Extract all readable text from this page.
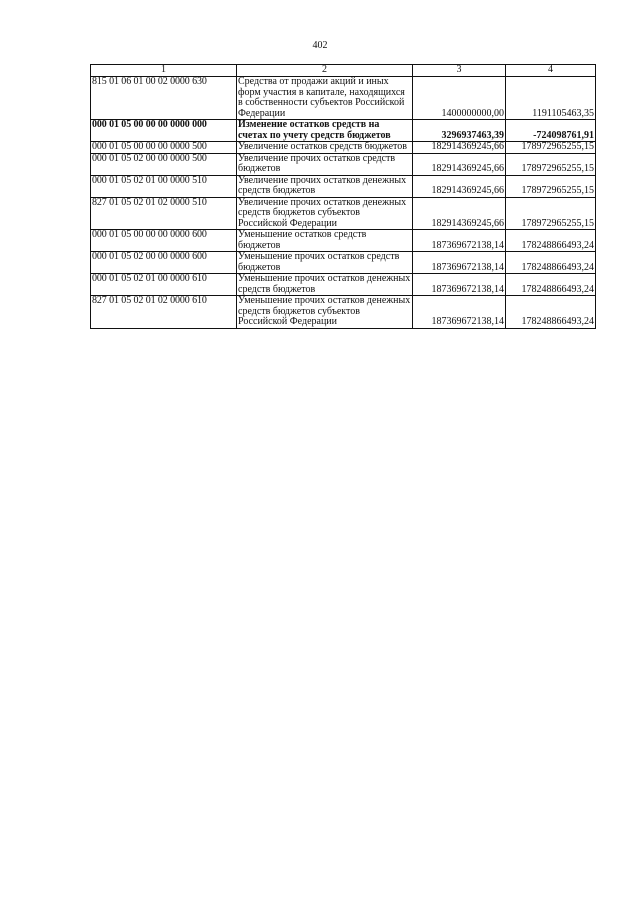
402
1	2	3	4
815 01 06 01 00 02 0000 630	Средства от продажи акций и иных форм участия в капитале, находящихся в собственности субъектов Российской Федерации	1400000000,00	1191105463,35
000 01 05 00 00 00 0000 000	Изменение остатков средств на счетах по учету средств бюджетов	3296937463,39	-724098761,91
000 01 05 00 00 00 0000 500	Увеличение остатков средств бюджетов	182914369245,66	178972965255,15
000 01 05 02 00 00 0000 500	Увеличение прочих остатков средств бюджетов	182914369245,66	178972965255,15
000 01 05 02 01 00 0000 510	Увеличение прочих остатков денежных средств бюджетов	182914369245,66	178972965255,15
827 01 05 02 01 02 0000 510	Увеличение прочих остатков денежных средств бюджетов субъектов Российской Федерации	182914369245,66	178972965255,15
000 01 05 00 00 00 0000 600	Уменьшение остатков средств бюджетов	187369672138,14	178248866493,24
000 01 05 02 00 00 0000 600	Уменьшение прочих остатков средств бюджетов	187369672138,14	178248866493,24
000 01 05 02 01 00 0000 610	Уменьшение прочих остатков денежных средств бюджетов	187369672138,14	178248866493,24
827 01 05 02 01 02 0000 610	Уменьшение прочих остатков денежных средств бюджетов субъектов Российской Федерации	187369672138,14	178248866493,24
